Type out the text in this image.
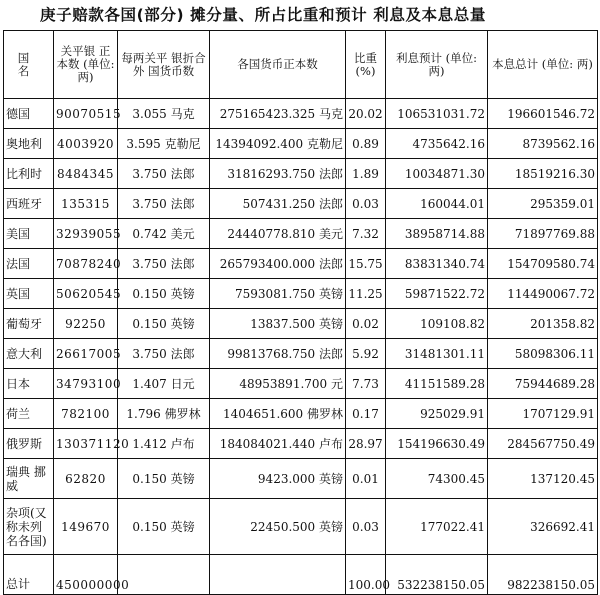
庚子赔款各国(部分) 摊分量、所占比重和预计 利息及本息总量
国 名	关平银 正本数 (单位: 两)	每两关平 银折合外 国货币数	各国货币正本数	比重 (%)	利息预计 (单位: 两)	本息总计 (单位: 两)
德国	90070515	3.055 马克	275165423.325 马克	20.02	106531031.72	196601546.72
奥地利	4003920	3.595 克勒尼	14394092.400 克勒尼	0.89	4735642.16	8739562.16
比利时	8484345	3.750 法郎	31816293.750 法郎	1.89	10034871.30	18519216.30
西班牙	135315	3.750 法郎	507431.250 法郎	0.03	160044.01	295359.01
美国	32939055	0.742 美元	24440778.810 美元	7.32	38958714.88	71897769.88
法国	70878240	3.750 法郎	265793400.000 法郎	15.75	83831340.74	154709580.74
英国	50620545	0.150 英镑	7593081.750 英镑	11.25	59871522.72	114490067.72
葡萄牙	92250	0.150 英镑	13837.500 英镑	0.02	109108.82	201358.82
意大利	26617005	3.750 法郎	99813768.750 法郎	5.92	31481301.11	58098306.11
日本	34793100	1.407 日元	48953891.700 元	7.73	41151589.28	75944689.28
荷兰	782100	1.796 佛罗林	1404651.600 佛罗林	0.17	925029.91	1707129.91
俄罗斯	130371120	1.412 卢布	184084021.440 卢布	28.97	154196630.49	284567750.49
瑞典 挪威	62820	0.150 英镑	9423.000 英镑	0.01	74300.45	137120.45
杂项(又称未列名各国)	149670	0.150 英镑	22450.500 英镑	0.03	177022.41	326692.41
总计	450000000			100.00	532238150.05	982238150.05
